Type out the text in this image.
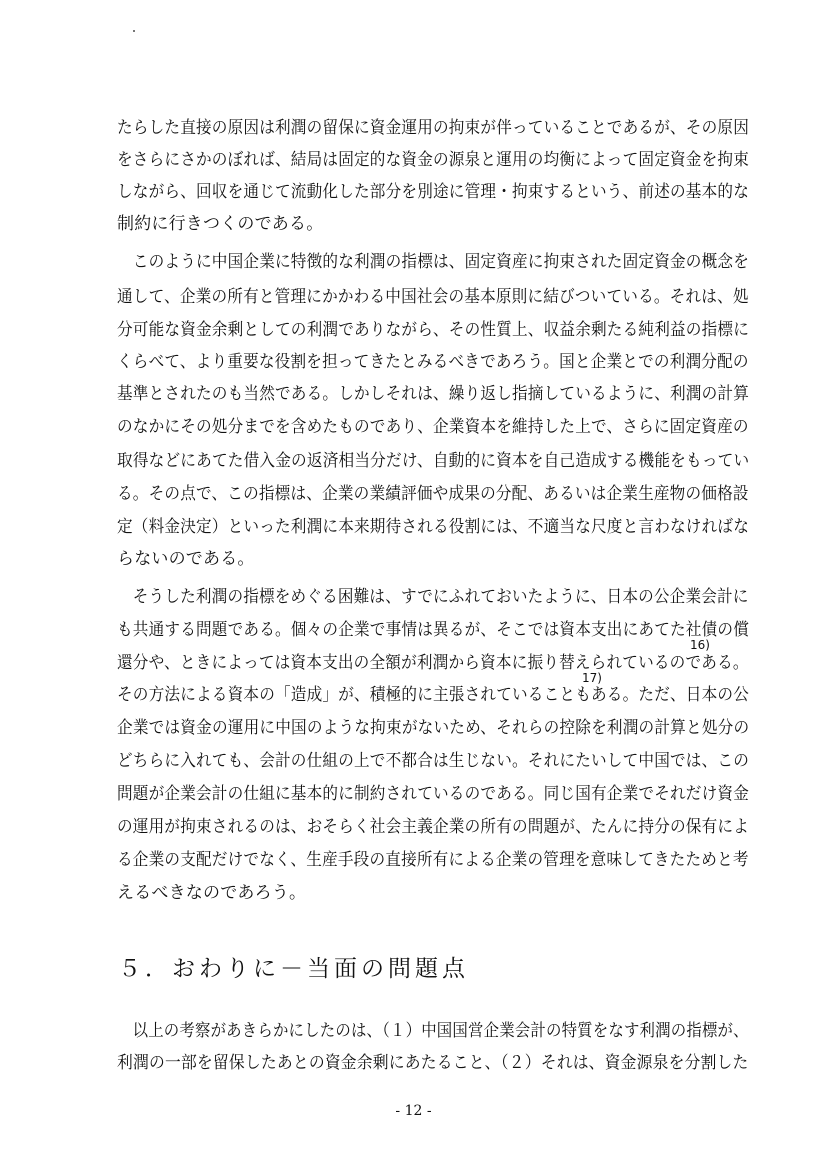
たらした直接の原因は利潤の留保に資金運用の拘束が伴っていることであるが、その原因
をさらにさかのぼれば、結局は固定的な資金の源泉と運用の均衡によって固定資金を拘束
しながら、回収を通じて流動化した部分を別途に管理・拘束するという、前述の基本的な
制約に行きつくのである。
　このように中国企業に特徴的な利潤の指標は、固定資産に拘束された固定資金の概念を
通して、企業の所有と管理にかかわる中国社会の基本原則に結びついている。それは、処
分可能な資金余剰としての利潤でありながら、その性質上、収益余剰たる純利益の指標に
くらべて、より重要な役割を担ってきたとみるべきであろう。国と企業とでの利潤分配の
基準とされたのも当然である。しかしそれは、繰り返し指摘しているように、利潤の計算
のなかにその処分までを含めたものであり、企業資本を維持した上で、さらに固定資産の
取得などにあてた借入金の返済相当分だけ、自動的に資本を自己造成する機能をもってい
る。その点で、この指標は、企業の業績評価や成果の分配、あるいは企業生産物の価格設
定（料金決定）といった利潤に本来期待される役割には、不適当な尺度と言わなければな
らないのである。
　そうした利潤の指標をめぐる困難は、すでにふれておいたように、日本の公企業会計に
も共通する問題である。個々の企業で事情は異るが、そこでは資本支出にあてた社債の償
16)
還分や、ときによっては資本支出の全額が利潤から資本に振り替えられているのである。
17)
その方法による資本の「造成」が、積極的に主張されていることもある。ただ、日本の公
企業では資金の運用に中国のような拘束がないため、それらの控除を利潤の計算と処分の
どちらに入れても、会計の仕組の上で不都合は生じない。それにたいして中国では、この
問題が企業会計の仕組に基本的に制約されているのである。同じ国有企業でそれだけ資金
の運用が拘束されるのは、おそらく社会主義企業の所有の問題が、たんに持分の保有によ
る企業の支配だけでなく、生産手段の直接所有による企業の管理を意味してきたためと考
えるべきなのであろう。
５．おわりに－当面の問題点
　以上の考察があきらかにしたのは、（１）中国国営企業会計の特質をなす利潤の指標が、
利潤の一部を留保したあとの資金余剰にあたること、（２）それは、資金源泉を分割した
- 12 -
